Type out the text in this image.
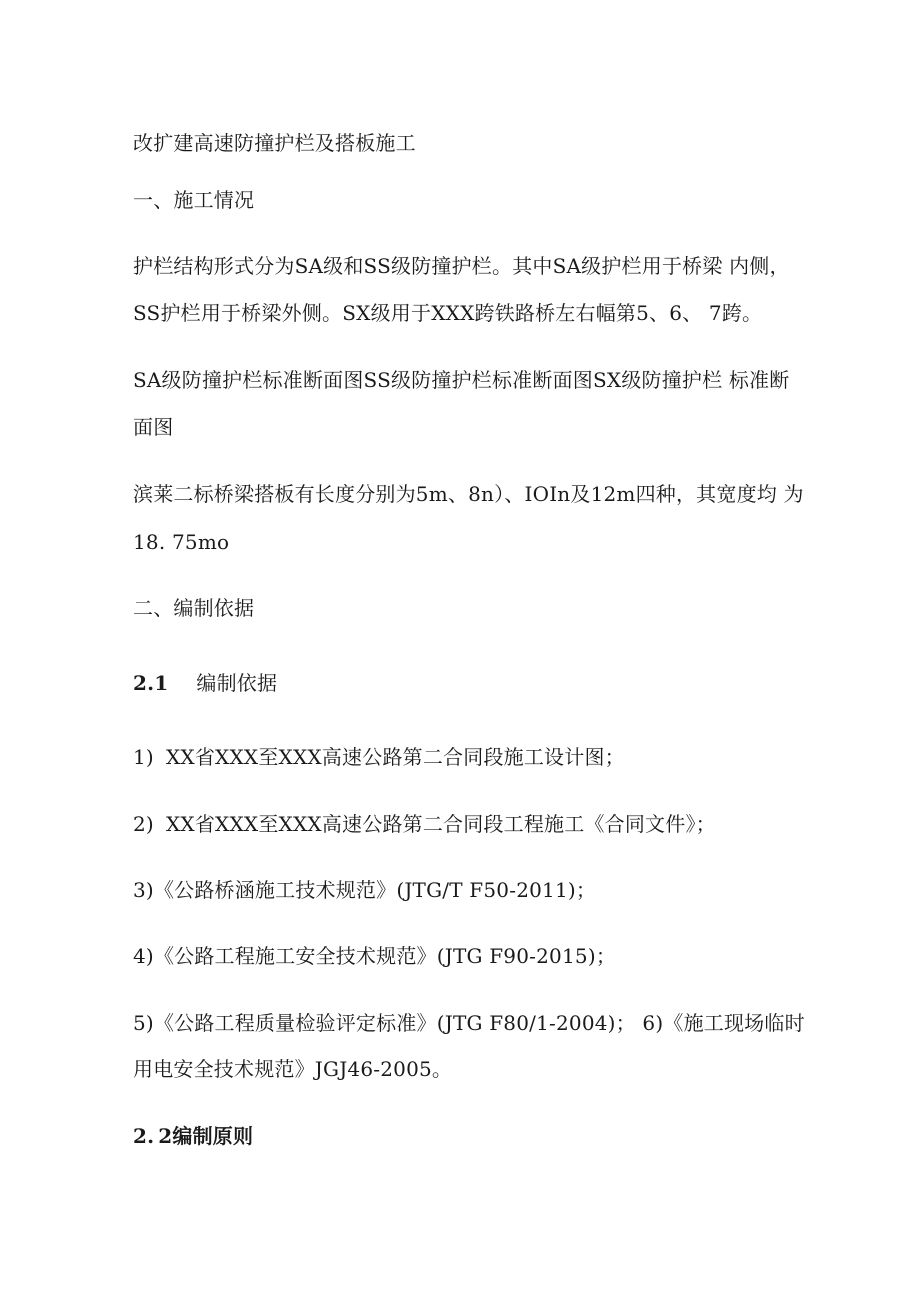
改扩建高速防撞护栏及搭板施工
一、施工情况
护栏结构形式分为SA级和SS级防撞护栏。其中SA级护栏用于桥梁 内侧，
SS护栏用于桥梁外侧。SX级用于XXX跨铁路桥左右幅第5、6、 7跨。
SA级防撞护栏标准断面图SS级防撞护栏标准断面图SX级防撞护栏 标准断
面图
滨莱二标桥梁搭板有长度分别为5m、8n）、IOIn及12m四种，其宽度均 为
18. 75mo
二、编制依据
2.1 编制依据
1) XX省XXX至XXX高速公路第二合同段施工设计图；
2) XX省XXX至XXX高速公路第二合同段工程施工《合同文件》；
3)《公路桥涵施工技术规范》(JTG/T F50-2011)；
4)《公路工程施工安全技术规范》(JTG F90-2015)；
5)《公路工程质量检验评定标准》(JTG F80/1-2004)； 6)《施工现场临时
用电安全技术规范》JGJ46-2005。
2. 2编制原则
